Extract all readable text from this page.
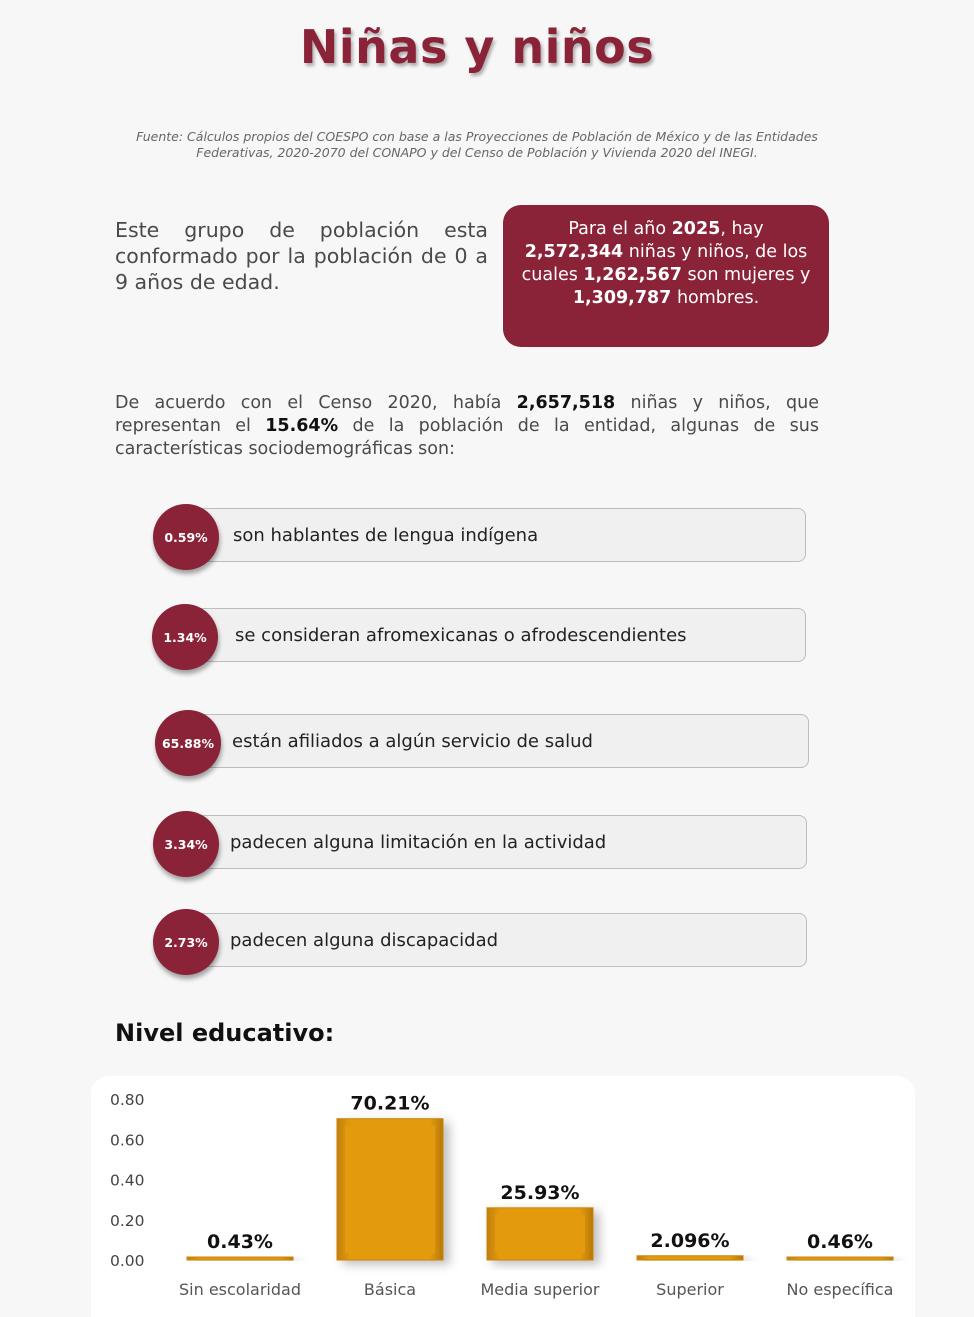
Niñas y niños
Fuente: Cálculos propios del COESPO con base a las Proyecciones de Población de México y de las Entidades Federativas, 2020-2070 del CONAPO y del Censo de Población y Vivienda 2020 del INEGI.
Este grupo de población esta conformado por la población de 0 a 9 años de edad.
Para el año 2025, hay
2,572,344 niñas y niños, de los cuales 1,262,567 son mujeres y 1,309,787 hombres.
De acuerdo con el Censo 2020, había 2,657,518 niñas y niños, que representan el 15.64% de la población de la entidad, algunas de sus características sociodemográficas son:
son hablantes de lengua indígena
0.59%
se consideran afromexicanas o afrodescendientes
1.34%
están afiliados a algún servicio de salud
65.88%
padecen alguna limitación en la actividad
3.34%
padecen alguna discapacidad
2.73%
Nivel educativo:
0.00
0.20
0.40
0.60
0.80
0.43%
Sin escolaridad
70.21%
Básica
25.93%
Media superior
2.096%
Superior
0.46%
No específica
